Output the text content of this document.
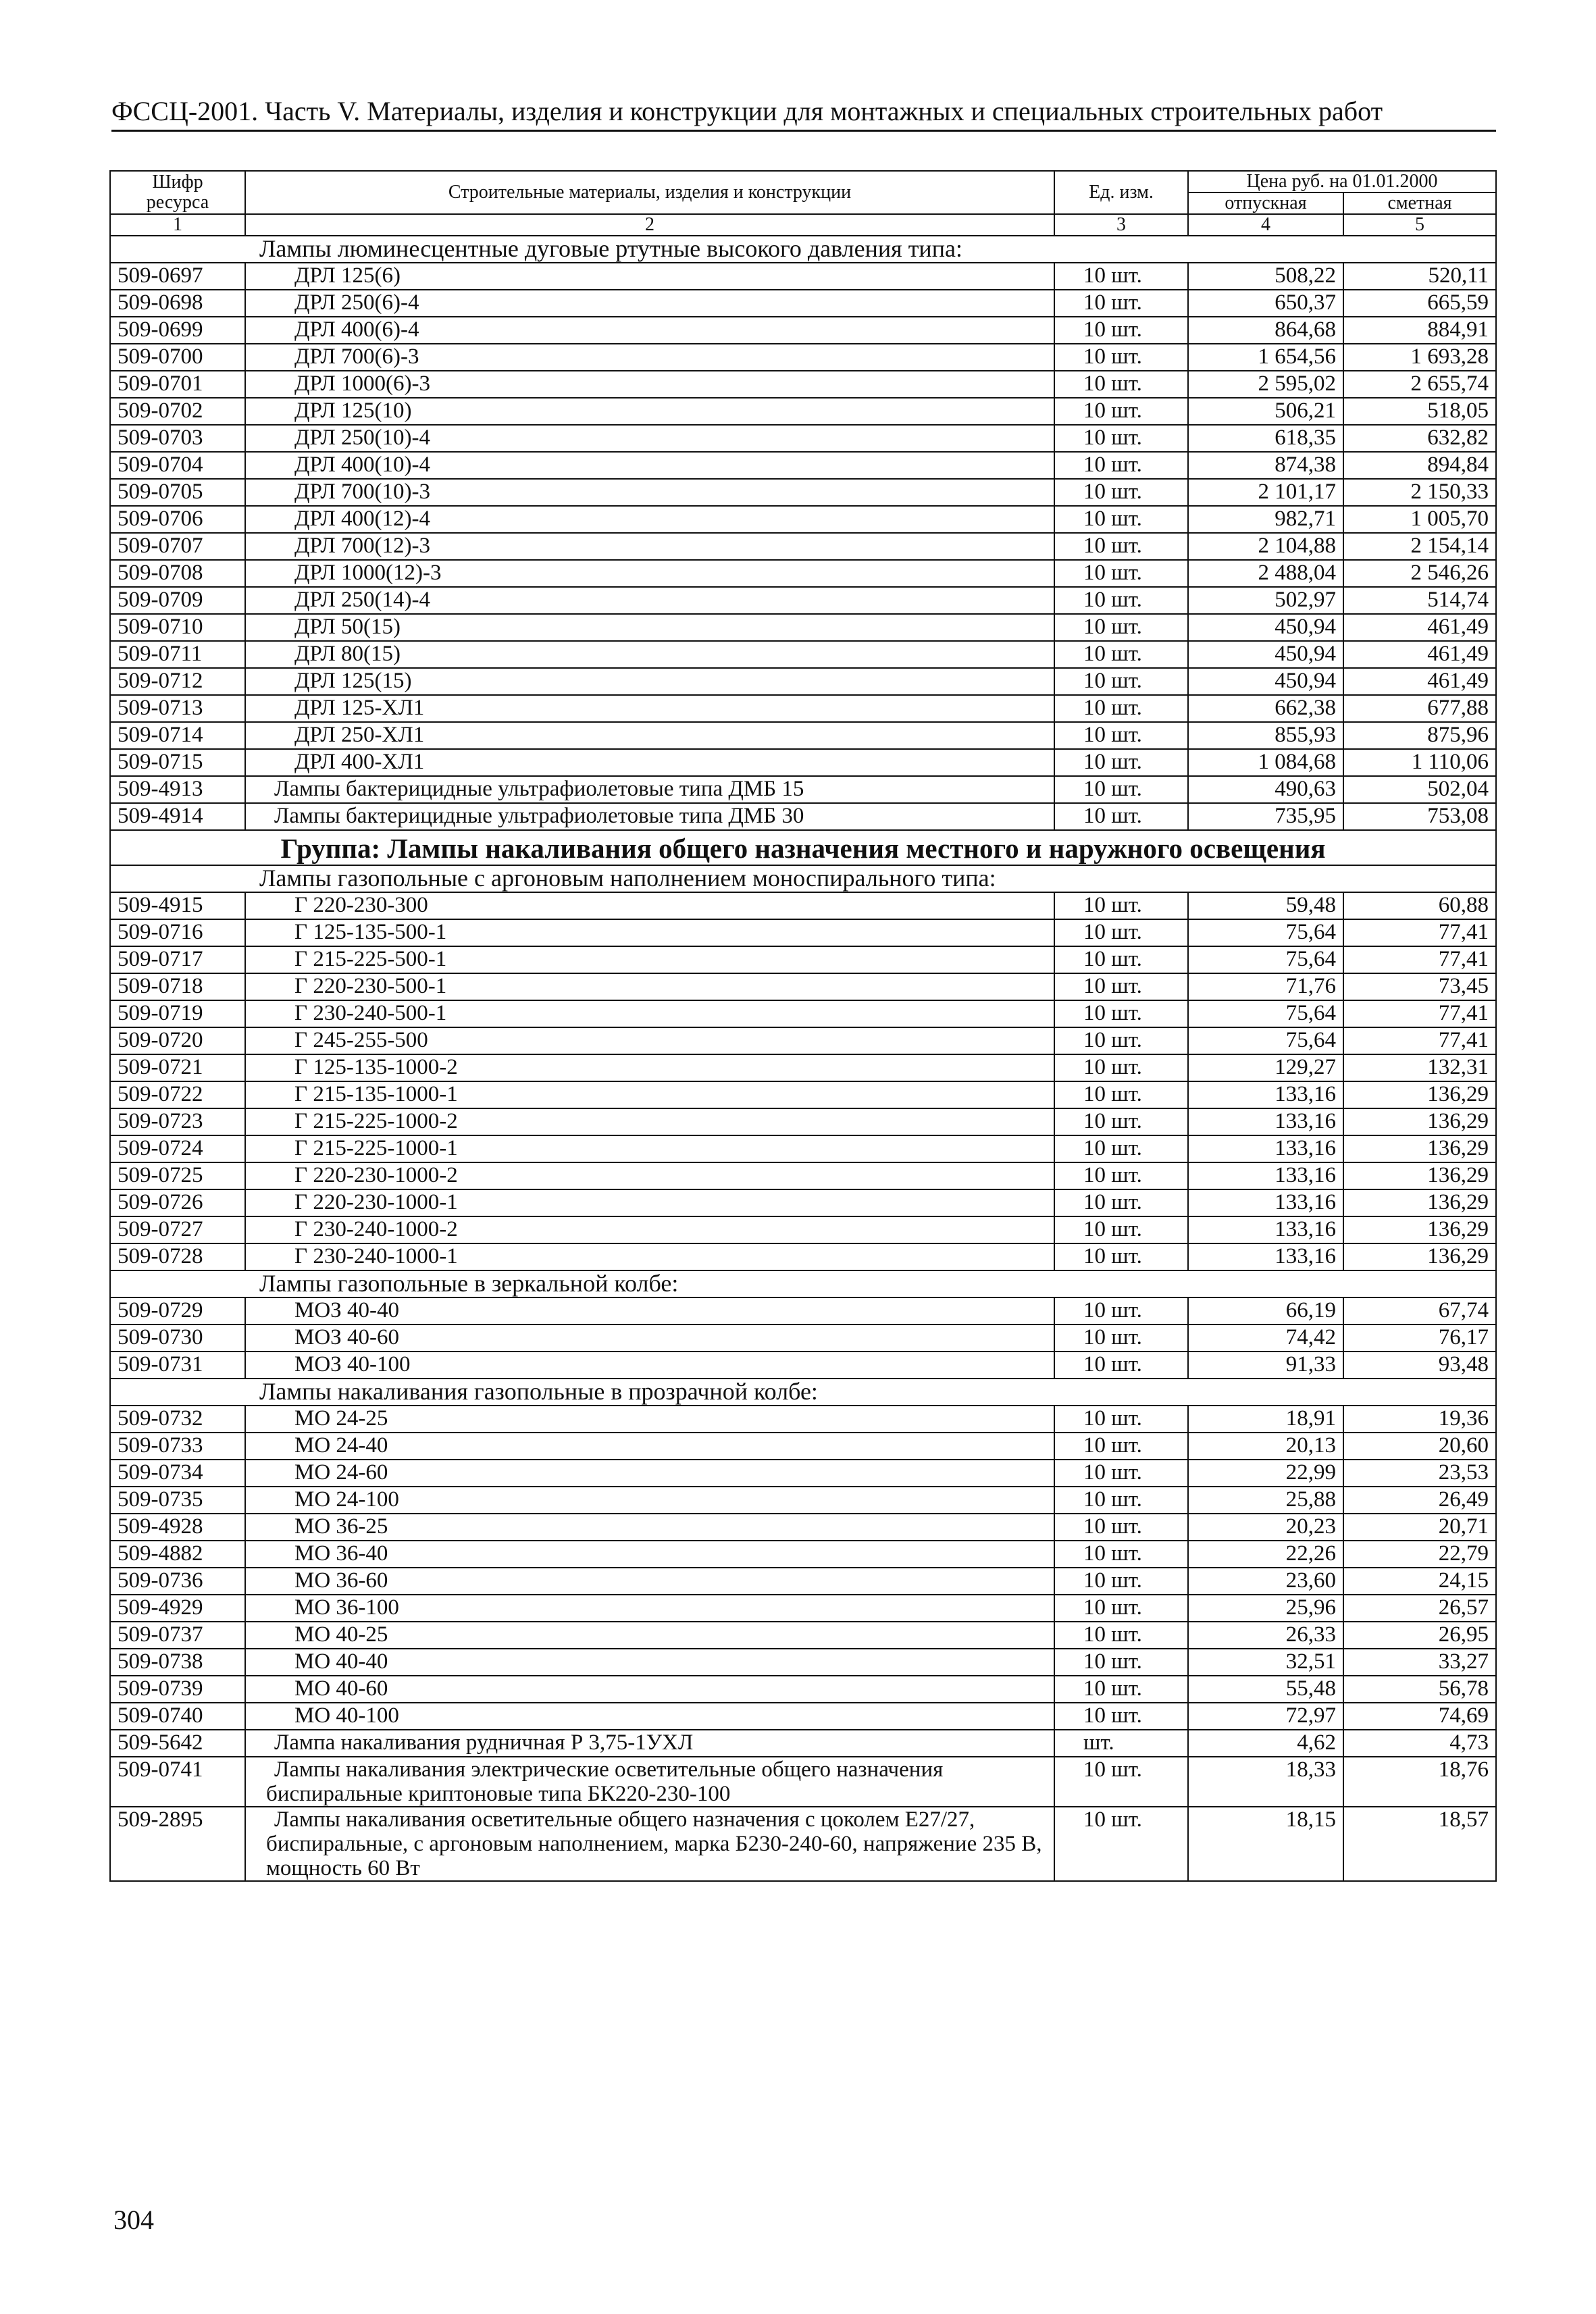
ФССЦ-2001. Часть V. Материалы, изделия и конструкции для монтажных и специальных строительных работ
Шифр ресурса	Строительные материалы, изделия и конструкции	Ед. изм.	Цена руб. на 01.01.2000	
			отпускная	сметная
1	2	3	4	5
Лампы люминесцентные дуговые ртутные высокого давления типа:				
509-0697	ДРЛ 125(6)	10 шт.	508,22	520,11
509-0698	ДРЛ 250(6)-4	10 шт.	650,37	665,59
509-0699	ДРЛ 400(6)-4	10 шт.	864,68	884,91
509-0700	ДРЛ 700(6)-3	10 шт.	1 654,56	1 693,28
509-0701	ДРЛ 1000(6)-3	10 шт.	2 595,02	2 655,74
509-0702	ДРЛ 125(10)	10 шт.	506,21	518,05
509-0703	ДРЛ 250(10)-4	10 шт.	618,35	632,82
509-0704	ДРЛ 400(10)-4	10 шт.	874,38	894,84
509-0705	ДРЛ 700(10)-3	10 шт.	2 101,17	2 150,33
509-0706	ДРЛ 400(12)-4	10 шт.	982,71	1 005,70
509-0707	ДРЛ 700(12)-3	10 шт.	2 104,88	2 154,14
509-0708	ДРЛ 1000(12)-3	10 шт.	2 488,04	2 546,26
509-0709	ДРЛ 250(14)-4	10 шт.	502,97	514,74
509-0710	ДРЛ 50(15)	10 шт.	450,94	461,49
509-0711	ДРЛ 80(15)	10 шт.	450,94	461,49
509-0712	ДРЛ 125(15)	10 шт.	450,94	461,49
509-0713	ДРЛ 125-ХЛ1	10 шт.	662,38	677,88
509-0714	ДРЛ 250-ХЛ1	10 шт.	855,93	875,96
509-0715	ДРЛ 400-ХЛ1	10 шт.	1 084,68	1 110,06
509-4913	Лампы бактерицидные ультрафиолетовые типа ДМБ 15	10 шт.	490,63	502,04
509-4914	Лампы бактерицидные ультрафиолетовые типа ДМБ 30	10 шт.	735,95	753,08
Группа: Лампы накаливания общего назначения местного и наружного освещения				
Лампы газопольные с аргоновым наполнением моноспирального типа:				
509-4915	Г 220-230-300	10 шт.	59,48	60,88
509-0716	Г 125-135-500-1	10 шт.	75,64	77,41
509-0717	Г 215-225-500-1	10 шт.	75,64	77,41
509-0718	Г 220-230-500-1	10 шт.	71,76	73,45
509-0719	Г 230-240-500-1	10 шт.	75,64	77,41
509-0720	Г 245-255-500	10 шт.	75,64	77,41
509-0721	Г 125-135-1000-2	10 шт.	129,27	132,31
509-0722	Г 215-135-1000-1	10 шт.	133,16	136,29
509-0723	Г 215-225-1000-2	10 шт.	133,16	136,29
509-0724	Г 215-225-1000-1	10 шт.	133,16	136,29
509-0725	Г 220-230-1000-2	10 шт.	133,16	136,29
509-0726	Г 220-230-1000-1	10 шт.	133,16	136,29
509-0727	Г 230-240-1000-2	10 шт.	133,16	136,29
509-0728	Г 230-240-1000-1	10 шт.	133,16	136,29
Лампы газопольные в зеркальной колбе:				
509-0729	МОЗ 40-40	10 шт.	66,19	67,74
509-0730	МОЗ 40-60	10 шт.	74,42	76,17
509-0731	МОЗ 40-100	10 шт.	91,33	93,48
Лампы накаливания газопольные в прозрачной колбе:				
509-0732	МО 24-25	10 шт.	18,91	19,36
509-0733	МО 24-40	10 шт.	20,13	20,60
509-0734	МО 24-60	10 шт.	22,99	23,53
509-0735	МО 24-100	10 шт.	25,88	26,49
509-4928	МО 36-25	10 шт.	20,23	20,71
509-4882	МО 36-40	10 шт.	22,26	22,79
509-0736	МО 36-60	10 шт.	23,60	24,15
509-4929	МО 36-100	10 шт.	25,96	26,57
509-0737	МО 40-25	10 шт.	26,33	26,95
509-0738	МО 40-40	10 шт.	32,51	33,27
509-0739	МО 40-60	10 шт.	55,48	56,78
509-0740	МО 40-100	10 шт.	72,97	74,69
509-5642	Лампа накаливания рудничная Р 3,75-1УХЛ	шт.	4,62	4,73
509-0741	Лампы накаливания электрические осветительные общего назначения биспиральные криптоновые типа БК220-230-100	10 шт.	18,33	18,76
509-2895	Лампы накаливания осветительные общего назначения с цоколем Е27/27, биспиральные, с аргоновым наполнением, марка Б230-240-60, напряжение 235 В, мощность 60 Вт	10 шт.	18,15	18,57
304
